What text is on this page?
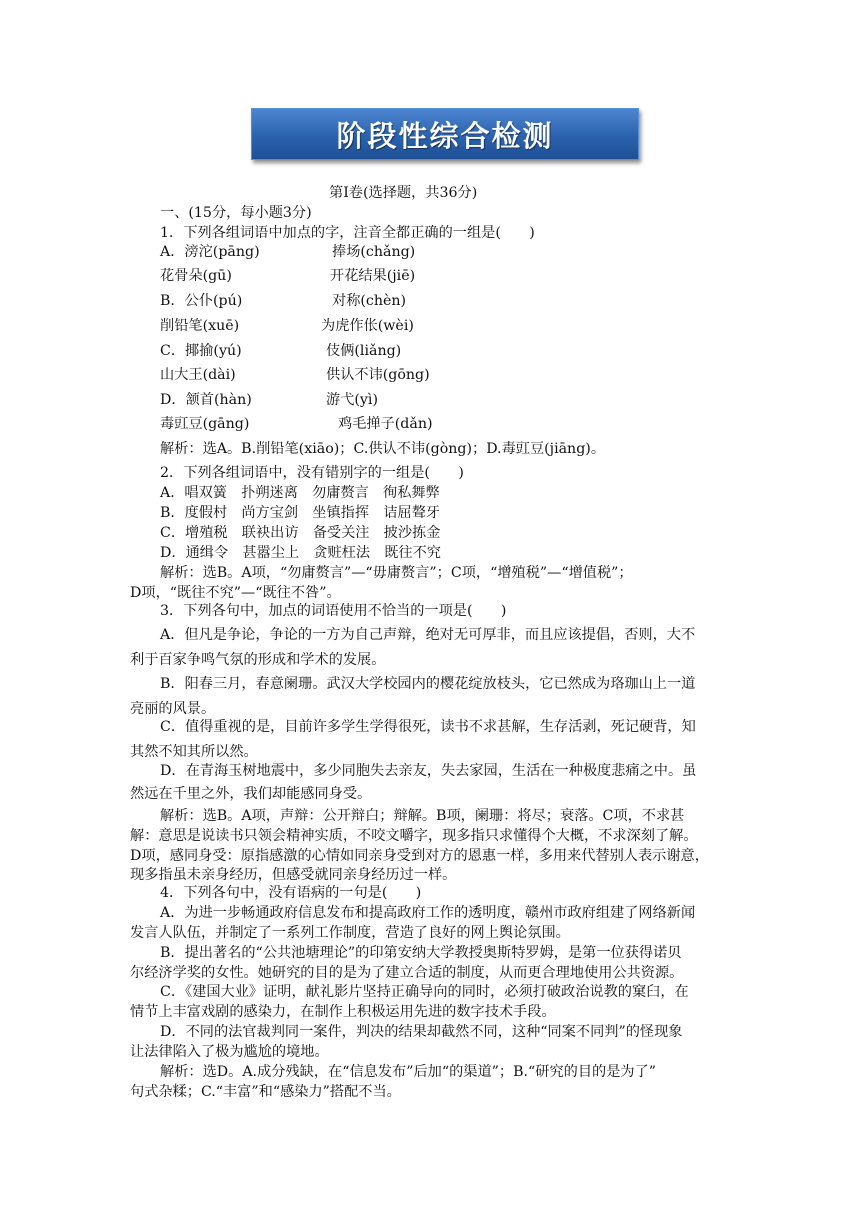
阶段性综合检测
第Ⅰ卷(选择题，共36分)
一、(15分，每小题3分)
1．下列各组词语中加点的字，注音全都正确的一组是(　　)
A．滂沱(pāng)	捧场(chǎng)
花骨朵(gū)	开花结果(jiē)
B．公仆(pú)	对称(chèn)
削铅笔(xuē)	为虎作伥(wèi)
C．揶揄(yú)	伎俩(liǎng)
山大王(dài)	供认不讳(gōng)
D．颔首(hàn)	游弋(yì)
毒豇豆(gāng)	鸡毛掸子(dǎn)
解析：选A。B.削铅笔(xiāo)；C.供认不讳(gòng)；D.毒豇豆(jiāng)。
2．下列各组词语中，没有错别字的一组是(　　)
A．唱双簧　扑朔迷离　勿庸赘言　徇私舞弊
B．度假村　尚方宝剑　坐镇指挥　诘屈聱牙
C．增殖税　联袂出访　备受关注　披沙拣金
D．通缉令　甚嚣尘上　贪赃枉法　既往不究
解析：选B。A项，“勿庸赘言”—“毋庸赘言”；C项，“增殖税”—“增值税”；
D项，“既往不究”—“既往不咎”。
3．下列各句中，加点的词语使用不恰当的一项是(　　)
A．但凡是争论，争论的一方为自己声辩，绝对无可厚非，而且应该提倡，否则，大不
利于百家争鸣气氛的形成和学术的发展。
B．阳春三月，春意阑珊。武汉大学校园内的樱花绽放枝头，它已然成为珞珈山上一道
亮丽的风景。
C．值得重视的是，目前许多学生学得很死，读书不求甚解，生存活剥，死记硬背，知
其然不知其所以然。
D．在青海玉树地震中，多少同胞失去亲友，失去家园，生活在一种极度悲痛之中。虽
然远在千里之外，我们却能感同身受。
解析：选B。A项，声辩：公开辩白；辩解。B项，阑珊：将尽；衰落。C项，不求甚
解：意思是说读书只领会精神实质，不咬文嚼字，现多指只求懂得个大概，不求深刻了解。
D项，感同身受：原指感激的心情如同亲身受到对方的恩惠一样，多用来代替别人表示谢意，
现多指虽未亲身经历，但感受就同亲身经历过一样。
4．下列各句中，没有语病的一句是(　　)
A．为进一步畅通政府信息发布和提高政府工作的透明度，赣州市政府组建了网络新闻
发言人队伍，并制定了一系列工作制度，营造了良好的网上舆论氛围。
B．提出著名的“公共池塘理论”的印第安纳大学教授奥斯特罗姆，是第一位获得诺贝
尔经济学奖的女性。她研究的目的是为了建立合适的制度，从而更合理地使用公共资源。
C．《建国大业》证明，献礼影片坚持正确导向的同时，必须打破政治说教的窠臼，在
情节上丰富戏剧的感染力，在制作上积极运用先进的数字技术手段。
D．不同的法官裁判同一案件，判决的结果却截然不同，这种“同案不同判”的怪现象
让法律陷入了极为尴尬的境地。
解析：选D。A.成分残缺，在“信息发布”后加“的渠道”；B.“研究的目的是为了”
句式杂糅；C.“丰富”和“感染力”搭配不当。
